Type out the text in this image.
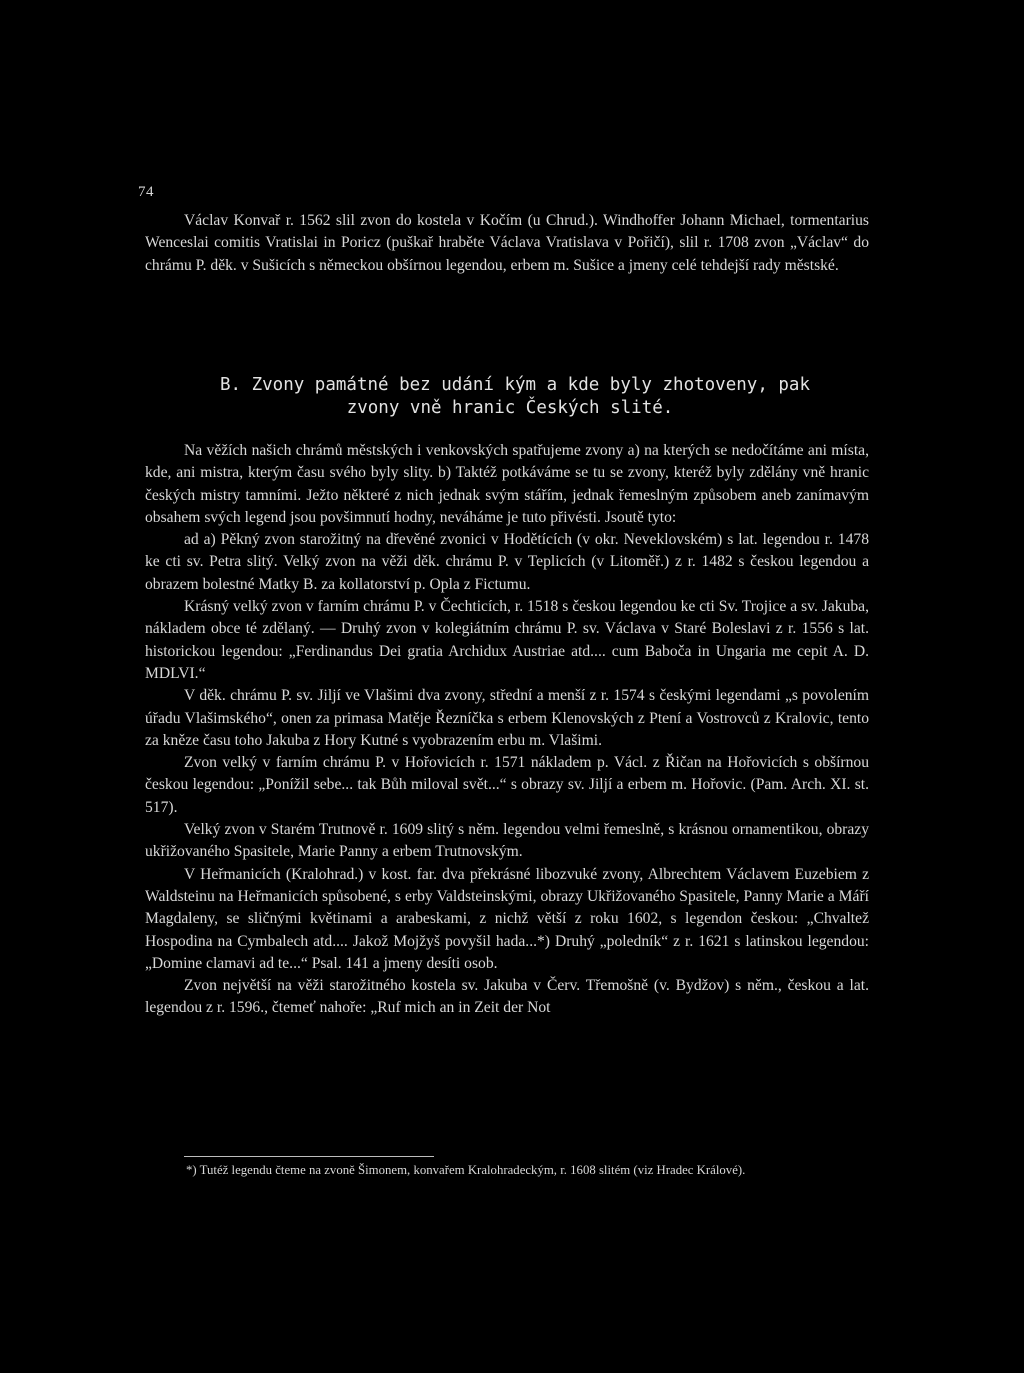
74

Václav Konvař r. 1562 slil zvon do kostela v Kočím (u Chrud.). Windhoffer Johann Michael, tormentarius Wenceslai comitis Vratislai in Poricz (puškař hraběte Václava Vratislava v Pořičí), slil r. 1708 zvon „Václav“ do chrámu P. děk. v Sušicích s německou obšírnou legendou, erbem m. Sušice a jmeny celé tehdejší rady městské.

B. Zvony památné bez udání kým a kde byly zhotoveny, pak
zvony vně hranic Českých slité.

Na věžích našich chrámů městských i venkovských spatřujeme zvony a) na kterých se nedočítáme ani místa, kde, ani mistra, kterým času svého byly slity. b) Taktéž potkáváme se tu se zvony, kteréž byly zdělány vně hranic českých mistry tamními. Ježto některé z nich jednak svým stářím, jednak řemeslným způsobem aneb zanímavým obsahem svých legend jsou povšimnutí hodny, neváháme je tuto přivésti. Jsoutě tyto:

ad a) Pěkný zvon starožitný na dřevěné zvonici v Hodětících (v okr. Neveklovském) s lat. legendou r. 1478 ke cti sv. Petra slitý. Velký zvon na věži děk. chrámu P. v Teplicích (v Litoměř.) z r. 1482 s českou legendou a obrazem bolestné Matky B. za kollatorství p. Opla z Fictumu.

Krásný velký zvon v farním chrámu P. v Čechticích, r. 1518 s českou legendou ke cti Sv. Trojice a sv. Jakuba, nákladem obce té zdělaný. — Druhý zvon v kolegiátním chrámu P. sv. Václava v Staré Boleslavi z r. 1556 s lat. historickou legendou: „Ferdinandus Dei gratia Archidux Austriae atd.... cum Baboča in Ungaria me cepit A. D. MDLVI.“

V děk. chrámu P. sv. Jiljí ve Vlašimi dva zvony, střední a menší z r. 1574 s českými legendami „s povolením úřadu Vlašimského“, onen za primasa Matěje Řezníčka s erbem Klenovských z Ptení a Vostrovců z Kralovic, tento za kněze času toho Jakuba z Hory Kutné s vyobrazením erbu m. Vlašimi.

Zvon velký v farním chrámu P. v Hořovicích r. 1571 nákladem p. Václ. z Řičan na Hořovicích s obšírnou českou legendou: „Ponížil sebe... tak Bůh miloval svět...“ s obrazy sv. Jiljí a erbem m. Hořovic. (Pam. Arch. XI. st. 517).

Velký zvon v Starém Trutnově r. 1609 slitý s něm. legendou velmi řemeslně, s krásnou ornamentikou, obrazy ukřižovaného Spasitele, Marie Panny a erbem Trutnovským.

V Heřmanicích (Kralohrad.) v kost. far. dva překrásné libozvuké zvony, Albrechtem Václavem Euzebiem z Waldsteinu na Heřmanicích spůsobené, s erby Valdsteinskými, obrazy Ukřižovaného Spasitele, Panny Marie a Máří Magdaleny, se sličnými květinami a arabeskami, z nichž větší z roku 1602, s legendon českou: „Chvaltež Hospodina na Cymbalech atd.... Jakož Mojžyš povyšil hada...*) Druhý „poledník“ z r. 1621 s latinskou legendou: „Domine clamavi ad te...“ Psal. 141 a jmeny desíti osob.

Zvon největší na věži starožitného kostela sv. Jakuba v Červ. Třemošně (v. Bydžov) s něm., českou a lat. legendou z r. 1596., čtemeť nahoře: „Ruf mich an in Zeit der Not

*) Tutéž legendu čteme na zvoně Šimonem, konvařem Kralohradeckým, r. 1608 slitém (viz Hradec Králové).
